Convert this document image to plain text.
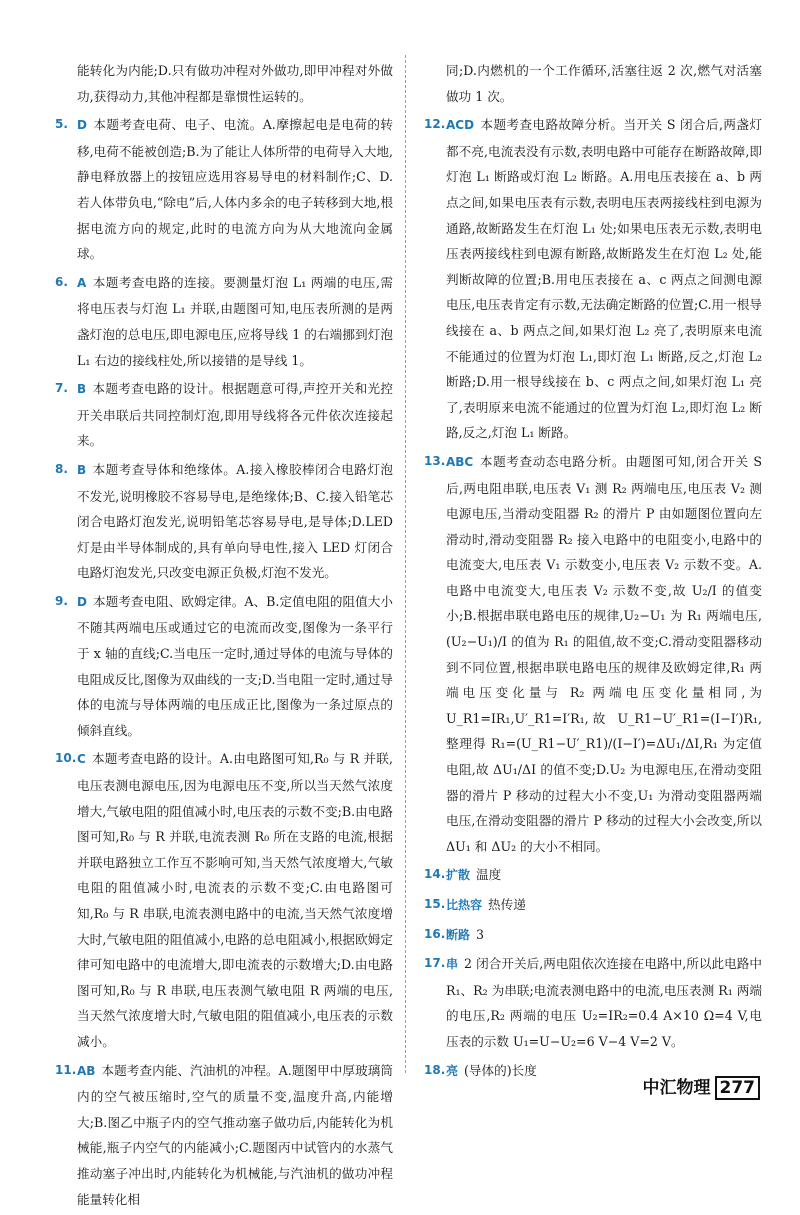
能转化为内能;D.只有做功冲程对外做功,即甲冲程对外做功,获得动力,其他冲程都是靠惯性运转的。
5. D 本题考查电荷、电子、电流。A.摩擦起电是电荷的转移,电荷不能被创造;B.为了能让人体所带的电荷导入大地,静电释放器上的按钮应选用容易导电的材料制作;C、D.若人体带负电,“除电”后,人体内多余的电子转移到大地,根据电流方向的规定,此时的电流方向为从大地流向金属球。
6. A 本题考查电路的连接。要测量灯泡 L₁ 两端的电压,需将电压表与灯泡 L₁ 并联,由题图可知,电压表所测的是两盏灯泡的总电压,即电源电压,应将导线 1 的右端挪到灯泡 L₁ 右边的接线柱处,所以接错的是导线 1。
7. B 本题考查电路的设计。根据题意可得,声控开关和光控开关串联后共同控制灯泡,即用导线将各元件依次连接起来。
8. B 本题考查导体和绝缘体。A.接入橡胶棒闭合电路灯泡不发光,说明橡胶不容易导电,是绝缘体;B、C.接入铅笔芯闭合电路灯泡发光,说明铅笔芯容易导电,是导体;D.LED 灯是由半导体制成的,具有单向导电性,接入 LED 灯闭合电路灯泡发光,只改变电源正负极,灯泡不发光。
9. D 本题考查电阻、欧姆定律。A、B.定值电阻的阻值大小不随其两端电压或通过它的电流而改变,图像为一条平行于 x 轴的直线;C.当电压一定时,通过导体的电流与导体的电阻成反比,图像为双曲线的一支;D.当电阻一定时,通过导体的电流与导体两端的电压成正比,图像为一条过原点的倾斜直线。
10. C 本题考查电路的设计。A.由电路图可知,R₀ 与 R 并联,电压表测电源电压,因为电源电压不变,所以当天然气浓度增大,气敏电阻的阻值减小时,电压表的示数不变;B.由电路图可知,R₀ 与 R 并联,电流表测 R₀ 所在支路的电流,根据并联电路独立工作互不影响可知,当天然气浓度增大,气敏电阻的阻值减小时,电流表的示数不变;C.由电路图可知,R₀ 与 R 串联,电流表测电路中的电流,当天然气浓度增大时,气敏电阻的阻值减小,电路的总电阻减小,根据欧姆定律可知电路中的电流增大,即电流表的示数增大;D.由电路图可知,R₀ 与 R 串联,电压表测气敏电阻 R 两端的电压,当天然气浓度增大时,气敏电阻的阻值减小,电压表的示数减小。
11. AB 本题考查内能、汽油机的冲程。A.题图甲中厚玻璃筒内的空气被压缩时,空气的质量不变,温度升高,内能增大;B.图乙中瓶子内的空气推动塞子做功后,内能转化为机械能,瓶子内空气的内能减小;C.题图丙中试管内的水蒸气推动塞子冲出时,内能转化为机械能,与汽油机的做功冲程能量转化相
同;D.内燃机的一个工作循环,活塞往返 2 次,燃气对活塞做功 1 次。
12. ACD 本题考查电路故障分析。当开关 S 闭合后,两盏灯都不亮,电流表没有示数,表明电路中可能存在断路故障,即灯泡 L₁ 断路或灯泡 L₂ 断路。A.用电压表接在 a、b 两点之间,如果电压表有示数,表明电压表两接线柱到电源为通路,故断路发生在灯泡 L₁ 处;如果电压表无示数,表明电压表两接线柱到电源有断路,故断路发生在灯泡 L₂ 处,能判断故障的位置;B.用电压表接在 a、c 两点之间测电源电压,电压表肯定有示数,无法确定断路的位置;C.用一根导线接在 a、b 两点之间,如果灯泡 L₂ 亮了,表明原来电流不能通过的位置为灯泡 L₁,即灯泡 L₁ 断路,反之,灯泡 L₂ 断路;D.用一根导线接在 b、c 两点之间,如果灯泡 L₁ 亮了,表明原来电流不能通过的位置为灯泡 L₂,即灯泡 L₂ 断路,反之,灯泡 L₁ 断路。
13. ABC 本题考查动态电路分析。由题图可知,闭合开关 S 后,两电阻串联,电压表 V₁ 测 R₂ 两端电压,电压表 V₂ 测电源电压,当滑动变阻器 R₂ 的滑片 P 由如题图位置向左滑动时,滑动变阻器 R₂ 接入电路中的电阻变小,电路中的电流变大,电压表 V₁ 示数变小,电压表 V₂ 示数不变。A.电路中电流变大,电压表 V₂ 示数不变,故 U₂/I 的值变小;B.根据串联电路电压的规律,U₂−U₁ 为 R₁ 两端电压,(U₂−U₁)/I 的值为 R₁ 的阻值,故不变;C.滑动变阻器移动到不同位置,根据串联电路电压的规律及欧姆定律,R₁ 两端电压变化量与 R₂ 两端电压变化量相同,为 U_R1=IR₁,U′_R1=I′R₁,故 U_R1−U′_R1=(I−I′)R₁,整理得 R₁=(U_R1−U′_R1)/(I−I′)=ΔU₁/ΔI,R₁ 为定值电阻,故 ΔU₁/ΔI 的值不变;D.U₂ 为电源电压,在滑动变阻器的滑片 P 移动的过程大小不变,U₁ 为滑动变阻器两端电压,在滑动变阻器的滑片 P 移动的过程大小会改变,所以 ΔU₁ 和 ΔU₂ 的大小不相同。
14. 扩散 温度
15. 比热容 热传递
16. 断路 3
17. 串 2 闭合开关后,两电阻依次连接在电路中,所以此电路中 R₁、R₂ 为串联;电流表测电路中的电流,电压表测 R₁ 两端的电压,R₂ 两端的电压 U₂=IR₂=0.4 A×10 Ω=4 V,电压表的示数 U₁=U−U₂=6 V−4 V=2 V。
18. 亮 (导体的)长度
中汇物理 277
